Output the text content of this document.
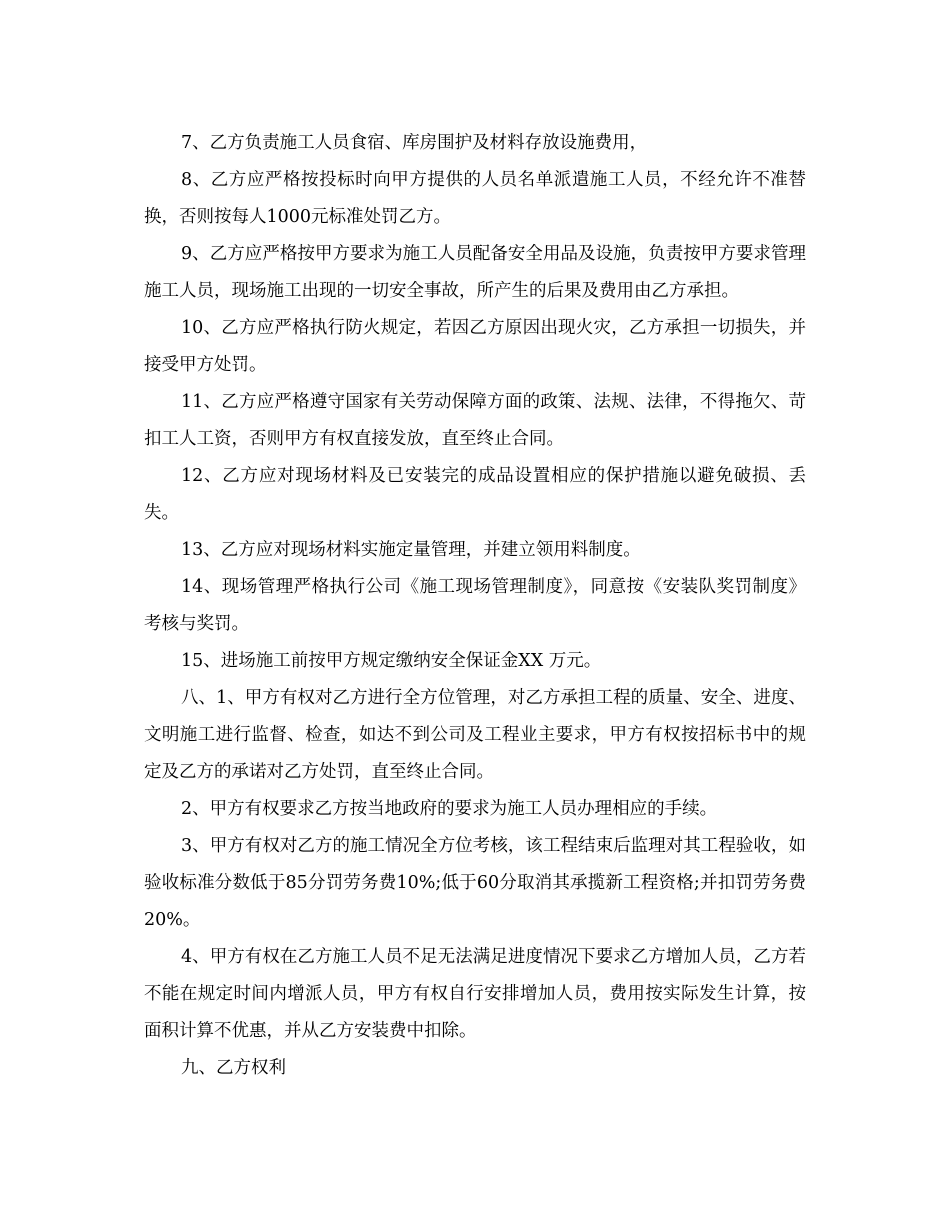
7、乙方负责施工人员食宿、库房围护及材料存放设施费用，

8、乙方应严格按投标时向甲方提供的人员名单派遣施工人员，不经允许不准替换，否则按每人1000元标准处罚乙方。

9、乙方应严格按甲方要求为施工人员配备安全用品及设施，负责按甲方要求管理施工人员，现场施工出现的一切安全事故，所产生的后果及费用由乙方承担。

10、乙方应严格执行防火规定，若因乙方原因出现火灾，乙方承担一切损失，并接受甲方处罚。

11、乙方应严格遵守国家有关劳动保障方面的政策、法规、法律，不得拖欠、苛扣工人工资，否则甲方有权直接发放，直至终止合同。

12、乙方应对现场材料及已安装完的成品设置相应的保护措施以避免破损、丢失。

13、乙方应对现场材料实施定量管理，并建立领用料制度。

14、现场管理严格执行公司《施工现场管理制度》，同意按《安装队奖罚制度》考核与奖罚。

15、进场施工前按甲方规定缴纳安全保证金XX 万元。

八、1、甲方有权对乙方进行全方位管理，对乙方承担工程的质量、安全、进度、文明施工进行监督、检查，如达不到公司及工程业主要求，甲方有权按招标书中的规定及乙方的承诺对乙方处罚，直至终止合同。

2、甲方有权要求乙方按当地政府的要求为施工人员办理相应的手续。

3、甲方有权对乙方的施工情况全方位考核，该工程结束后监理对其工程验收，如验收标准分数低于85分罚劳务费10%;低于60分取消其承揽新工程资格;并扣罚劳务费20%。

4、甲方有权在乙方施工人员不足无法满足进度情况下要求乙方增加人员，乙方若不能在规定时间内增派人员，甲方有权自行安排增加人员，费用按实际发生计算，按面积计算不优惠，并从乙方安装费中扣除。

九、乙方权利
